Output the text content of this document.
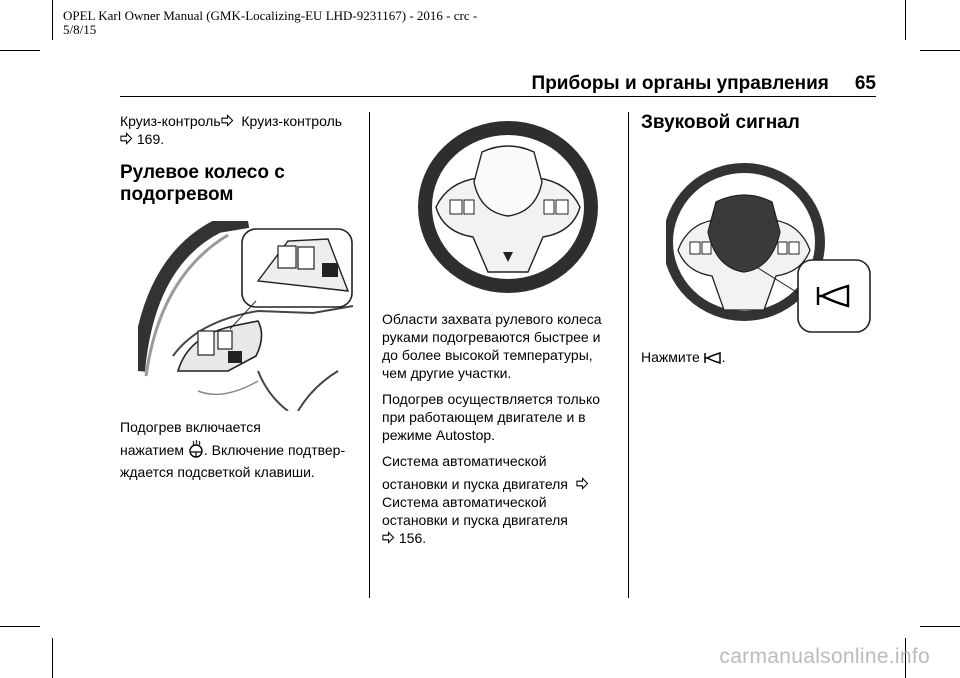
OPEL Karl Owner Manual (GMK-Localizing-EU LHD-9231167) - 2016 - crc -
5/8/15
Приборы и органы управления 65

Круиз-контроль Круиз-контроль
169.

Рулевое колесо с
подогревом
Подогрев включается
нажатием . Включение подтвер-
ждается подсветкой клавиши.

Области захвата рулевого колеса
руками подогреваются быстрее и
до более высокой температуры,
чем другие участки.

Подогрев осуществляется только
при работающем двигателе и в
режиме Autostop.

Система автоматической
остановки и пуска двигателя
Система автоматической
остановки и пуска двигателя
156.

Звуковой сигнал
Нажмите .
carmanualsonline.info
